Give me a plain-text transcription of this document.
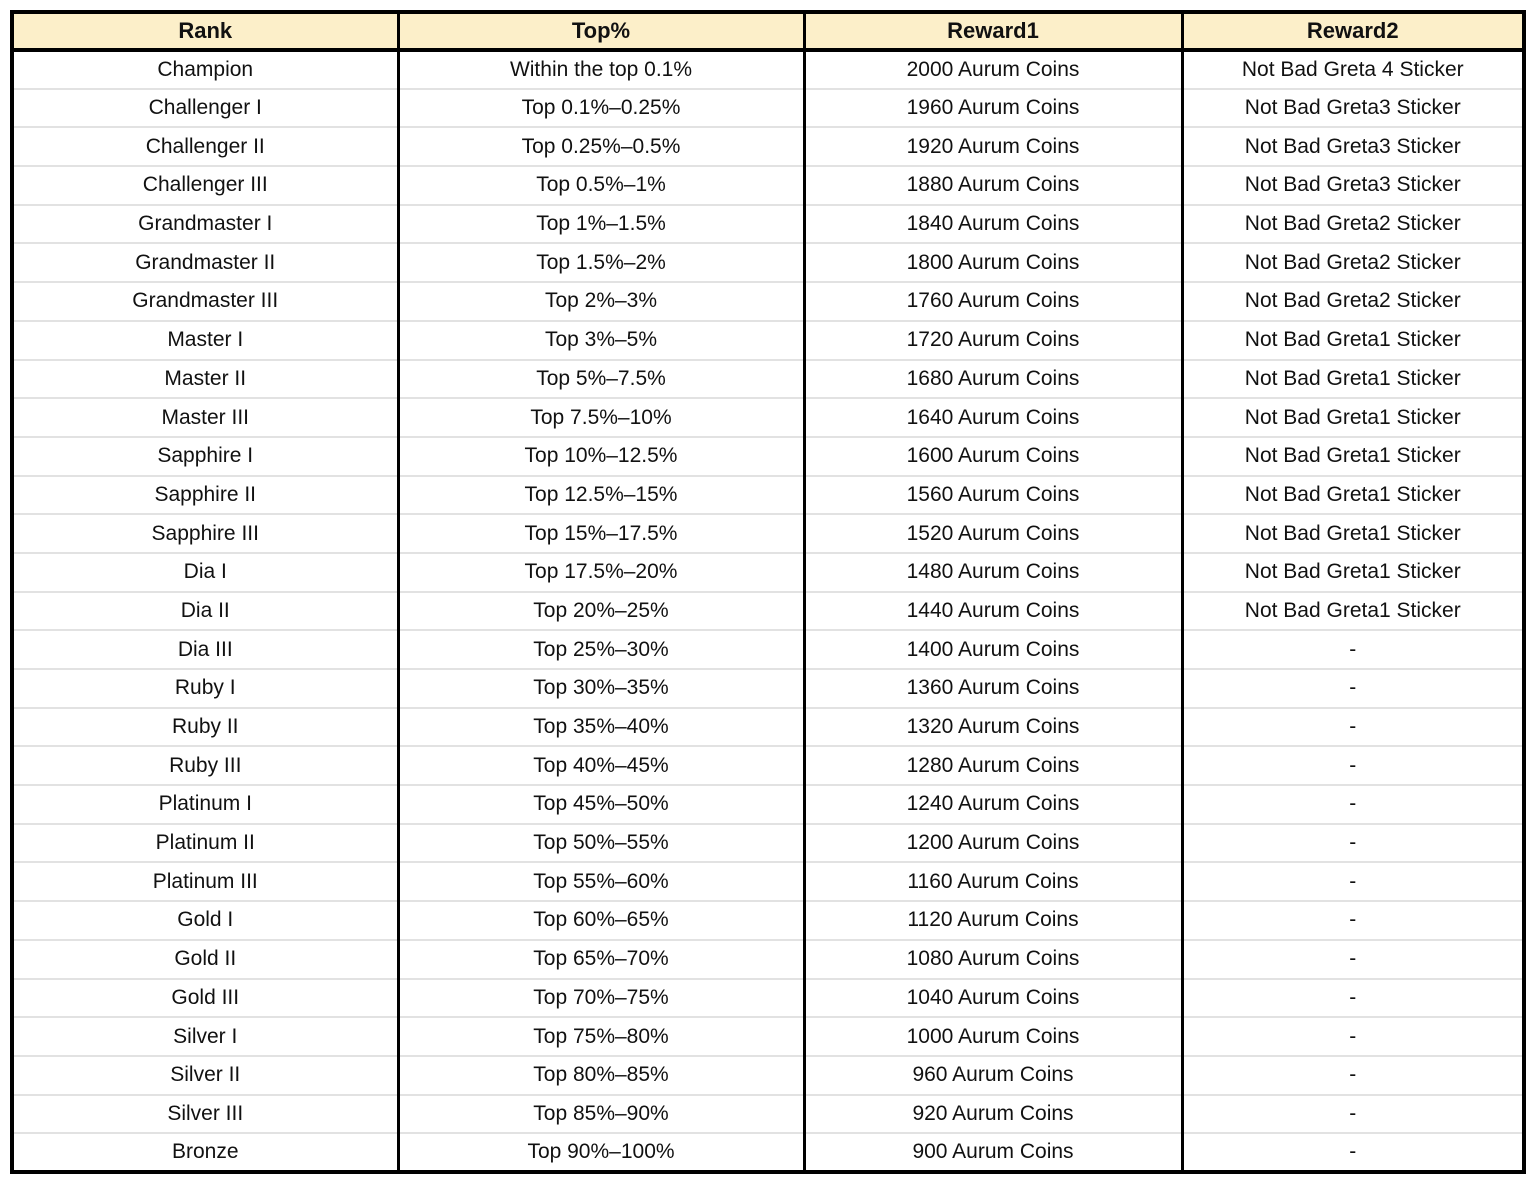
Rank	Top%	Reward1	Reward2
Champion	Within the top 0.1%	2000 Aurum Coins	Not Bad Greta 4 Sticker
Challenger I	Top 0.1%–0.25%	1960 Aurum Coins	Not Bad Greta3 Sticker
Challenger II	Top 0.25%–0.5%	1920 Aurum Coins	Not Bad Greta3 Sticker
Challenger III	Top 0.5%–1%	1880 Aurum Coins	Not Bad Greta3 Sticker
Grandmaster I	Top 1%–1.5%	1840 Aurum Coins	Not Bad Greta2 Sticker
Grandmaster II	Top 1.5%–2%	1800 Aurum Coins	Not Bad Greta2 Sticker
Grandmaster III	Top 2%–3%	1760 Aurum Coins	Not Bad Greta2 Sticker
Master I	Top 3%–5%	1720 Aurum Coins	Not Bad Greta1 Sticker
Master II	Top 5%–7.5%	1680 Aurum Coins	Not Bad Greta1 Sticker
Master III	Top 7.5%–10%	1640 Aurum Coins	Not Bad Greta1 Sticker
Sapphire I	Top 10%–12.5%	1600 Aurum Coins	Not Bad Greta1 Sticker
Sapphire II	Top 12.5%–15%	1560 Aurum Coins	Not Bad Greta1 Sticker
Sapphire III	Top 15%–17.5%	1520 Aurum Coins	Not Bad Greta1 Sticker
Dia I	Top 17.5%–20%	1480 Aurum Coins	Not Bad Greta1 Sticker
Dia II	Top 20%–25%	1440 Aurum Coins	Not Bad Greta1 Sticker
Dia III	Top 25%–30%	1400 Aurum Coins	-
Ruby I	Top 30%–35%	1360 Aurum Coins	-
Ruby II	Top 35%–40%	1320 Aurum Coins	-
Ruby III	Top 40%–45%	1280 Aurum Coins	-
Platinum I	Top 45%–50%	1240 Aurum Coins	-
Platinum II	Top 50%–55%	1200 Aurum Coins	-
Platinum III	Top 55%–60%	1160 Aurum Coins	-
Gold I	Top 60%–65%	1120 Aurum Coins	-
Gold II	Top 65%–70%	1080 Aurum Coins	-
Gold III	Top 70%–75%	1040 Aurum Coins	-
Silver I	Top 75%–80%	1000 Aurum Coins	-
Silver II	Top 80%–85%	960 Aurum Coins	-
Silver III	Top 85%–90%	920 Aurum Coins	-
Bronze	Top 90%–100%	900 Aurum Coins	-
